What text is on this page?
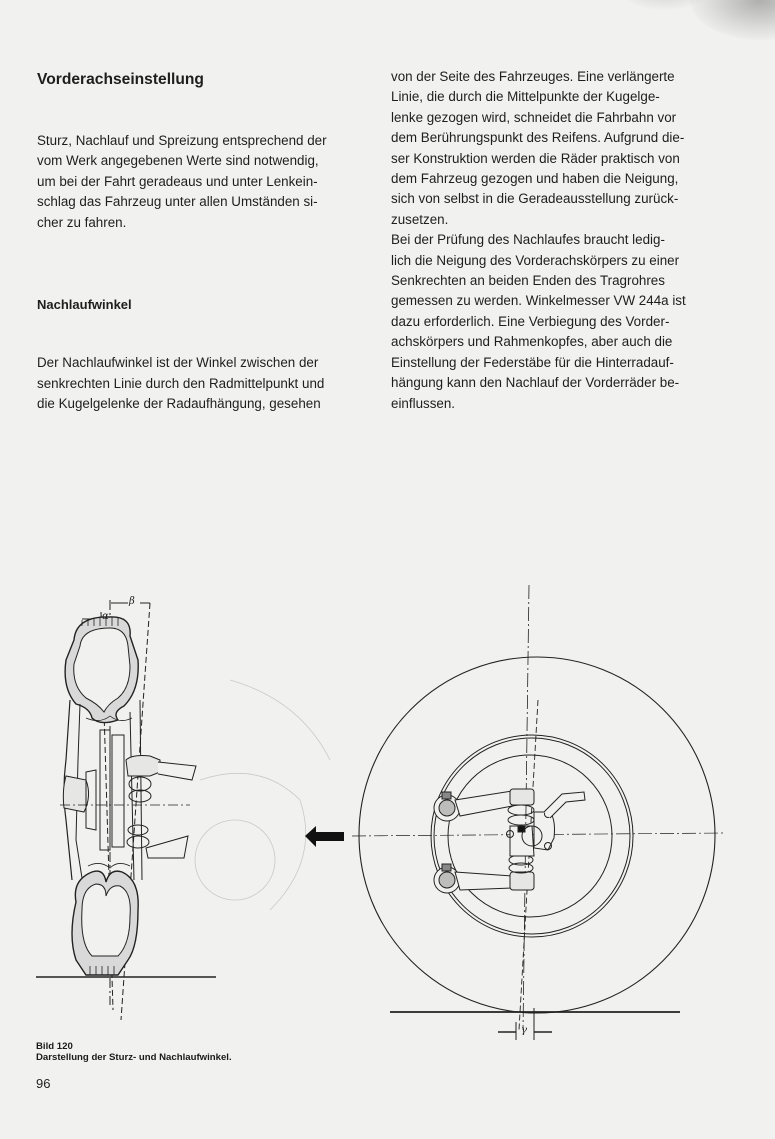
Vorderachseinstellung

Sturz, Nachlauf und Spreizung entsprechend der

vom Werk angegebenen Werte sind notwendig,

um bei der Fahrt geradeaus und unter Lenkein-

schlag das Fahrzeug unter allen Umständen si-

cher zu fahren.

Nachlaufwinkel

Der Nachlaufwinkel ist der Winkel zwischen der

senkrechten Linie durch den Radmittelpunkt und

die Kugelgelenke der Radaufhängung, gesehen

von der Seite des Fahrzeuges. Eine verlängerte

Linie, die durch die Mittelpunkte der Kugelge-

lenke gezogen wird, schneidet die Fahrbahn vor

dem Berührungspunkt des Reifens. Aufgrund die-

ser Konstruktion werden die Räder praktisch von

dem Fahrzeug gezogen und haben die Neigung,

sich von selbst in die Geradeausstellung zurück-

zusetzen.

Bei der Prüfung des Nachlaufes braucht ledig-

lich die Neigung des Vorderachskörpers zu einer

Senkrechten an beiden Enden des Tragrohres

gemessen zu werden. Winkelmesser VW 244a ist

dazu erforderlich. Eine Verbiegung des Vorder-

achskörpers und Rahmenkopfes, aber auch die

Einstellung der Federstäbe für die Hinterradauf-

hängung kann den Nachlauf der Vorderräder be-

einflussen.

α
β
γ
Bild 120
Darstellung der Sturz- und Nachlaufwinkel.
96
